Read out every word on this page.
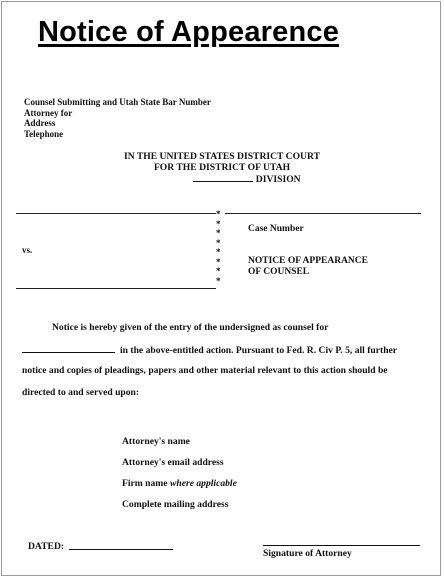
Notice of Appearence
Counsel Submitting and Utah State Bar Number
Attorney for
Address
Telephone
IN THE UNITED STATES DISTRICT COURT
FOR THE DISTRICT OF UTAH
DIVISION
*
*
*
*
*
*
*
*
vs.
Case Number
NOTICE OF APPEARANCE
OF COUNSEL
Notice is hereby given of the entry of the undersigned as counsel for
in the above-entitled action. Pursuant to Fed. R. Civ P. 5, all further
notice and copies of pleadings, papers and other material relevant to this action should be
directed to and served upon:
Attorney's name
Attorney's email address
Firm name where applicable
Complete mailing address
DATED:
Signature of Attorney
